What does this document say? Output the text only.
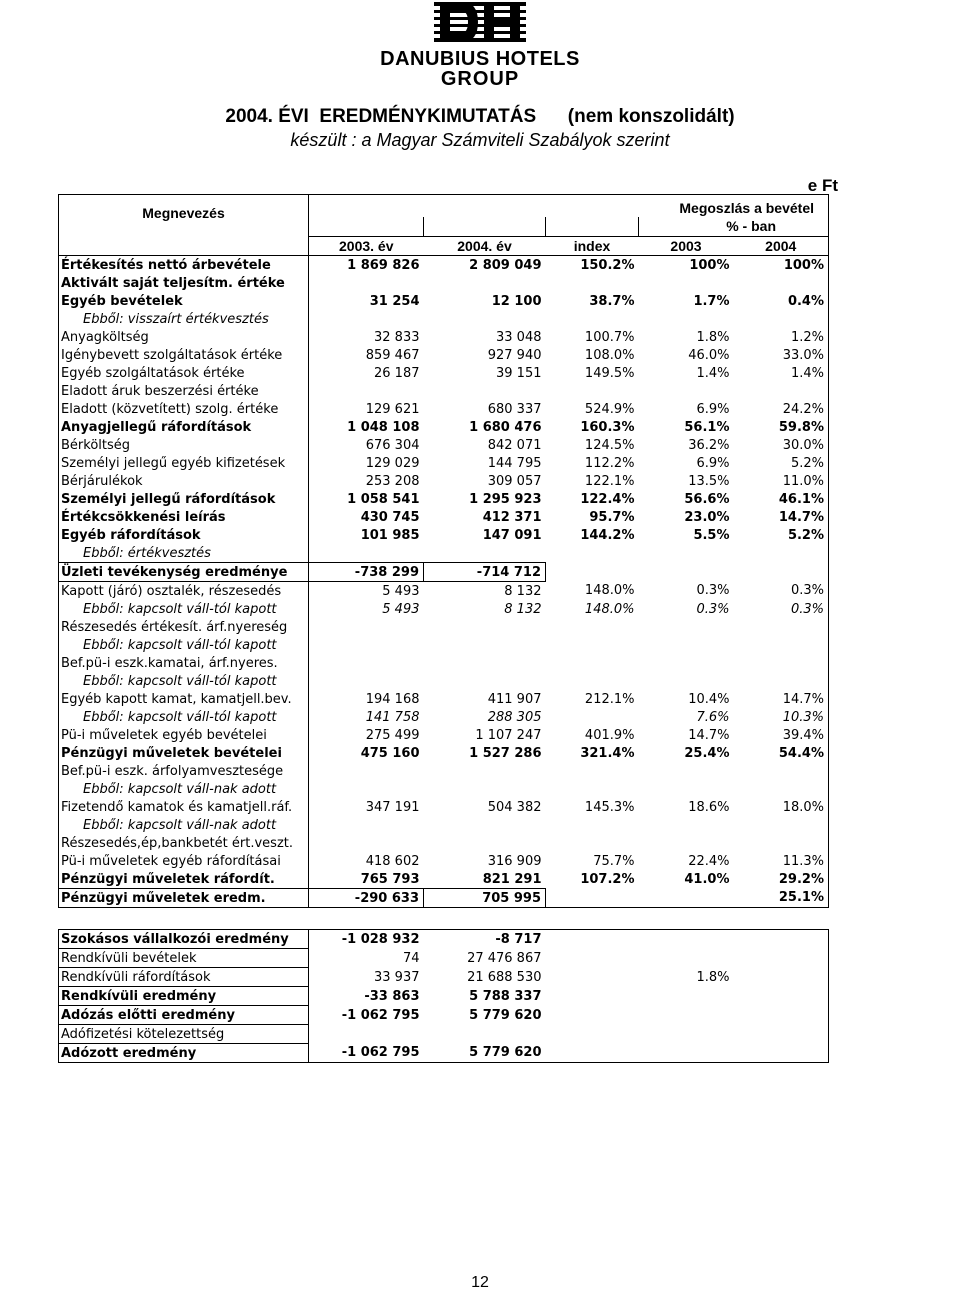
DANUBIUS HOTELS
GROUP
2004. ÉVI  EREDMÉNYKIMUTATÁS      (nem konszolidált)
készült : a Magyar Számviteli Szabályok szerint
e Ft
	Megoszlás a bevétel				
Megnevezés				% - ban	
	2003. év	2004. év	index	2003	2004
Értékesítés nettó árbevétele	1 869 826	2 809 049	150.2%	100%	100%
Aktivált saját teljesítm. értéke					
Egyéb bevételek	31 254	12 100	38.7%	1.7%	0.4%
Ebből: visszaírt értékvesztés					
Anyagköltség	32 833	33 048	100.7%	1.8%	1.2%
Igénybevett szolgáltatások értéke	859 467	927 940	108.0%	46.0%	33.0%
Egyéb szolgáltatások értéke	26 187	39 151	149.5%	1.4%	1.4%
Eladott áruk beszerzési értéke					
Eladott (közvetített) szolg. értéke	129 621	680 337	524.9%	6.9%	24.2%
Anyagjellegű ráfordítások	1 048 108	1 680 476	160.3%	56.1%	59.8%
Bérköltség	676 304	842 071	124.5%	36.2%	30.0%
Személyi jellegű egyéb kifizetések	129 029	144 795	112.2%	6.9%	5.2%
Bérjárulékok	253 208	309 057	122.1%	13.5%	11.0%
Személyi jellegű ráfordítások	1 058 541	1 295 923	122.4%	56.6%	46.1%
Értékcsökkenési leírás	430 745	412 371	95.7%	23.0%	14.7%
Egyéb ráfordítások	101 985	147 091	144.2%	5.5%	5.2%
Ebből: értékvesztés					
Üzleti tevékenység eredménye	-738 299	-714 712			
Kapott (járó) osztalék, részesedés	5 493	8 132	148.0%	0.3%	0.3%
Ebből: kapcsolt váll-tól kapott	5 493	8 132	148.0%	0.3%	0.3%
Részesedés értékesít. árf.nyereség					
Ebből: kapcsolt váll-tól kapott					
Bef.pü-i eszk.kamatai, árf.nyeres.					
Ebből: kapcsolt váll-tól kapott					
Egyéb kapott kamat, kamatjell.bev.	194 168	411 907	212.1%	10.4%	14.7%
Ebből: kapcsolt váll-tól kapott	141 758	288 305		7.6%	10.3%
Pü-i műveletek egyéb bevételei	275 499	1 107 247	401.9%	14.7%	39.4%
Pénzügyi műveletek bevételei	475 160	1 527 286	321.4%	25.4%	54.4%
Bef.pü-i eszk. árfolyamvesztesége					
Ebből: kapcsolt váll-nak adott					
Fizetendő kamatok és kamatjell.ráf.	347 191	504 382	145.3%	18.6%	18.0%
Ebből: kapcsolt váll-nak adott					
Részesedés,ép,bankbetét ért.veszt.					
Pü-i műveletek egyéb ráfordításai	418 602	316 909	75.7%	22.4%	11.3%
Pénzügyi műveletek ráfordít.	765 793	821 291	107.2%	41.0%	29.2%
Pénzügyi műveletek eredm.	-290 633	705 995			25.1%

Szokásos vállalkozói eredmény	-1 028 932	-8 717			
Rendkívüli bevételek	74	27 476 867			
Rendkívüli ráfordítások	33 937	21 688 530		1.8%	
Rendkívüli eredmény	-33 863	5 788 337			
Adózás előtti eredmény	-1 062 795	5 779 620			
Adófizetési kötelezettség					
Adózott eredmény	-1 062 795	5 779 620			
12
